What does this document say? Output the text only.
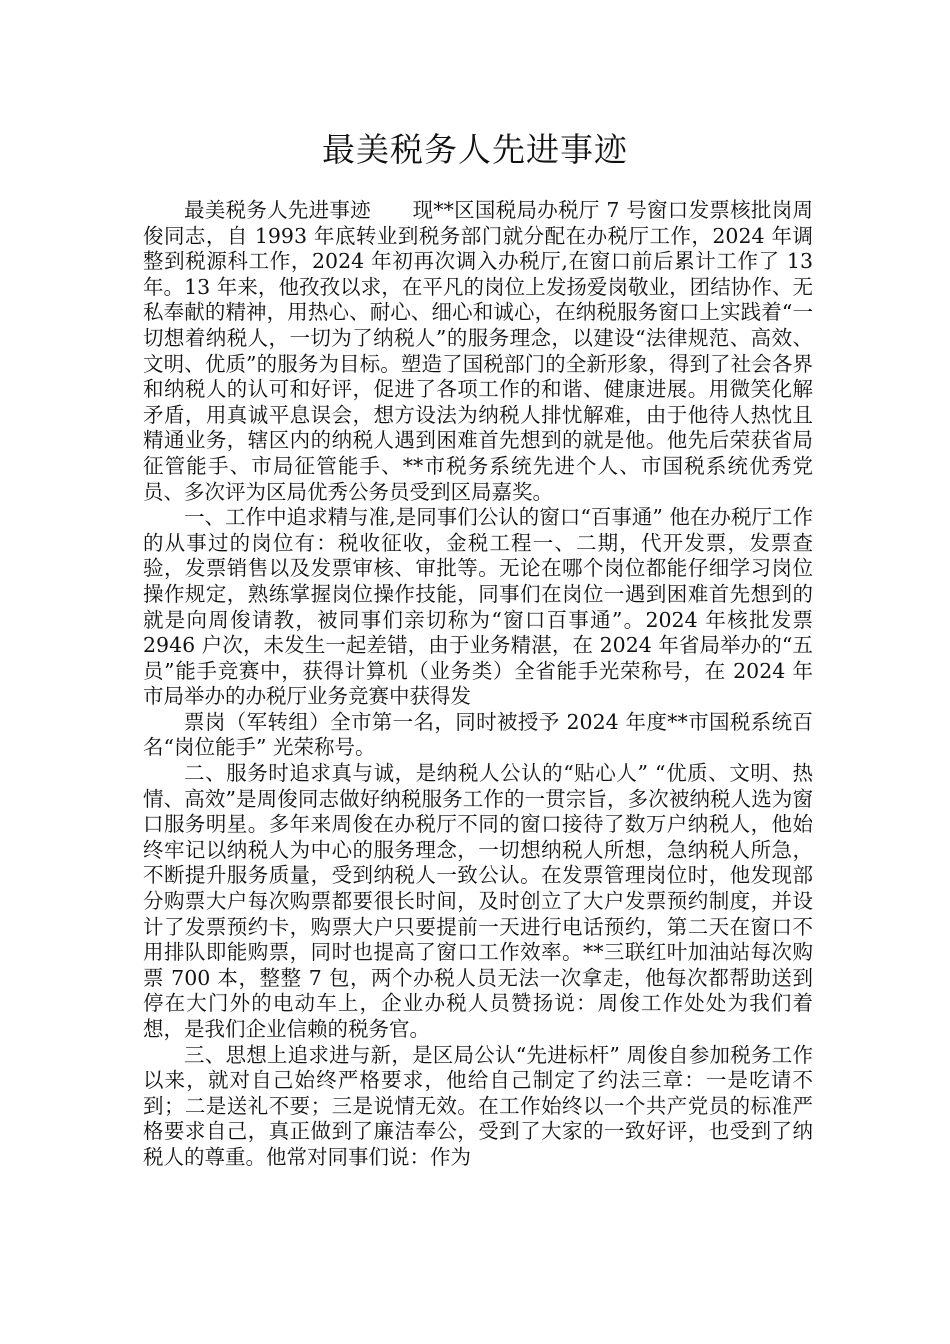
最美税务人先进事迹

最美税务人先进事迹　　现**区国税局办税厅 7 号窗口发票核批岗周俊同志，自 1993 年底转业到税务部门就分配在办税厅工作，2024 年调整到税源科工作，2024 年初再次调入办税厅,在窗口前后累计工作了 13 年。13 年来，他孜孜以求，在平凡的岗位上发扬爱岗敬业，团结协作、无私奉献的精神，用热心、耐心、细心和诚心，在纳税服务窗口上实践着“一切想着纳税人，一切为了纳税人”的服务理念，以建设“法律规范、高效、文明、优质”的服务为目标。塑造了国税部门的全新形象，得到了社会各界和纳税人的认可和好评，促进了各项工作的和谐、健康进展。用微笑化解矛盾，用真诚平息误会，想方设法为纳税人排忧解难，由于他待人热忱且精通业务，辖区内的纳税人遇到困难首先想到的就是他。他先后荣获省局征管能手、市局征管能手、**市税务系统先进个人、市国税系统优秀党员、多次评为区局优秀公务员受到区局嘉奖。

一、工作中追求精与准,是同事们公认的窗口“百事通” 他在办税厅工作的从事过的岗位有：税收征收，金税工程一、二期，代开发票，发票查验，发票销售以及发票审核、审批等。无论在哪个岗位都能仔细学习岗位操作规定，熟练掌握岗位操作技能，同事们在岗位一遇到困难首先想到的就是向周俊请教，被同事们亲切称为“窗口百事通”。2024 年核批发票 2946 户次，未发生一起差错，由于业务精湛，在 2024 年省局举办的“五员”能手竞赛中，获得计算机（业务类）全省能手光荣称号，在 2024 年市局举办的办税厅业务竞赛中获得发

票岗（军转组）全市第一名，同时被授予 2024 年度**市国税系统百名“岗位能手” 光荣称号。

二、服务时追求真与诚，是纳税人公认的“贴心人” “优质、文明、热情、高效”是周俊同志做好纳税服务工作的一贯宗旨，多次被纳税人选为窗口服务明星。多年来周俊在办税厅不同的窗口接待了数万户纳税人，他始终牢记以纳税人为中心的服务理念，一切想纳税人所想，急纳税人所急，不断提升服务质量，受到纳税人一致公认。在发票管理岗位时，他发现部分购票大户每次购票都要很长时间，及时创立了大户发票预约制度，并设计了发票预约卡，购票大户只要提前一天进行电话预约，第二天在窗口不用排队即能购票，同时也提高了窗口工作效率。**三联红叶加油站每次购票 700 本，整整 7 包，两个办税人员无法一次拿走，他每次都帮助送到停在大门外的电动车上，企业办税人员赞扬说：周俊工作处处为我们着想，是我们企业信赖的税务官。

三、思想上追求进与新，是区局公认“先进标杆” 周俊自参加税务工作以来，就对自己始终严格要求，他给自己制定了约法三章：一是吃请不到；二是送礼不要；三是说情无效。在工作始终以一个共产党员的标准严格要求自己，真正做到了廉洁奉公，受到了大家的一致好评，也受到了纳税人的尊重。他常对同事们说：作为
